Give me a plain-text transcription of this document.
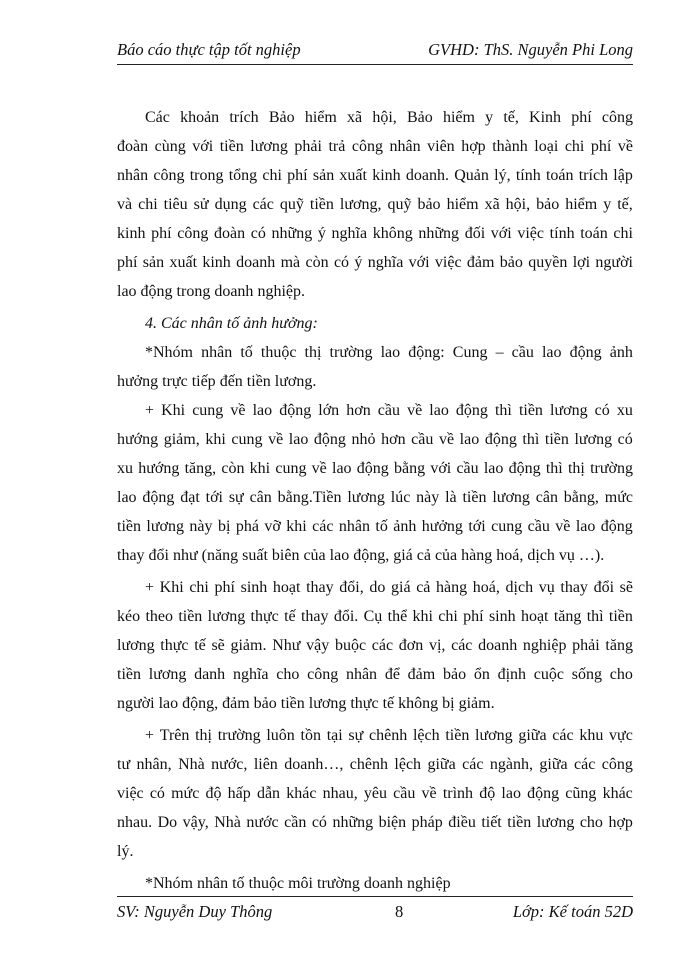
Báo cáo thực tập tốt nghiệp	GVHD: ThS. Nguyễn Phi Long
Các khoản trích Bảo hiểm xã hội, Bảo hiểm y tế, Kinh phí công
đoàn cùng với tiền lương phải trả công nhân viên hợp thành loại chi phí về
nhân công trong tổng chi phí sản xuất kinh doanh. Quản lý, tính toán trích lập
và chi tiêu sử dụng các quỹ tiền lương, quỹ bảo hiểm xã hội, bảo hiểm y tế,
kinh phí công đoàn có những ý nghĩa không những đối với việc tính toán chi
phí sản xuất kinh doanh mà còn có ý nghĩa với việc đảm bảo quyền lợi người
lao động trong doanh nghiệp.
4. Các nhân tố ảnh hưởng:
*Nhóm nhân tố thuộc thị trường lao động: Cung – cầu lao động ảnh
hưởng trực tiếp đến tiền lương.
+ Khi cung về lao động lớn hơn cầu về lao động thì tiền lương có xu
hướng giảm, khi cung về lao động nhỏ hơn cầu về lao động thì tiền lương có
xu hướng tăng, còn khi cung về lao động bằng với cầu lao động thì thị trường
lao động đạt tới sự cân bằng.Tiền lương lúc này là tiền lương cân bằng, mức
tiền lương này bị phá vỡ khi các nhân tố ảnh hưởng tới cung cầu về lao động
thay đổi như (năng suất biên của lao động, giá cả của hàng hoá, dịch vụ …).
+ Khi chi phí sinh hoạt thay đổi, do giá cả hàng hoá, dịch vụ thay đổi sẽ
kéo theo tiền lương thực tế thay đổi. Cụ thể khi chi phí sinh hoạt tăng thì tiền
lương thực tế sẽ giảm. Như vậy buộc các đơn vị, các doanh nghiệp phải tăng
tiền lương danh nghĩa cho công nhân để đảm bảo ổn định cuộc sống cho
người lao động, đảm bảo tiền lương thực tế không bị giảm.
+ Trên thị trường luôn tồn tại sự chênh lệch tiền lương giữa các khu vực
tư nhân, Nhà nước, liên doanh…, chênh lệch giữa các ngành, giữa các công
việc có mức độ hấp dẫn khác nhau, yêu cầu về trình độ lao động cũng khác
nhau. Do vậy, Nhà nước cần có những biện pháp điều tiết tiền lương cho hợp
lý.
*Nhóm nhân tố thuộc môi trường doanh nghiệp
SV: Nguyễn Duy Thông	8	Lớp: Kế toán 52D
